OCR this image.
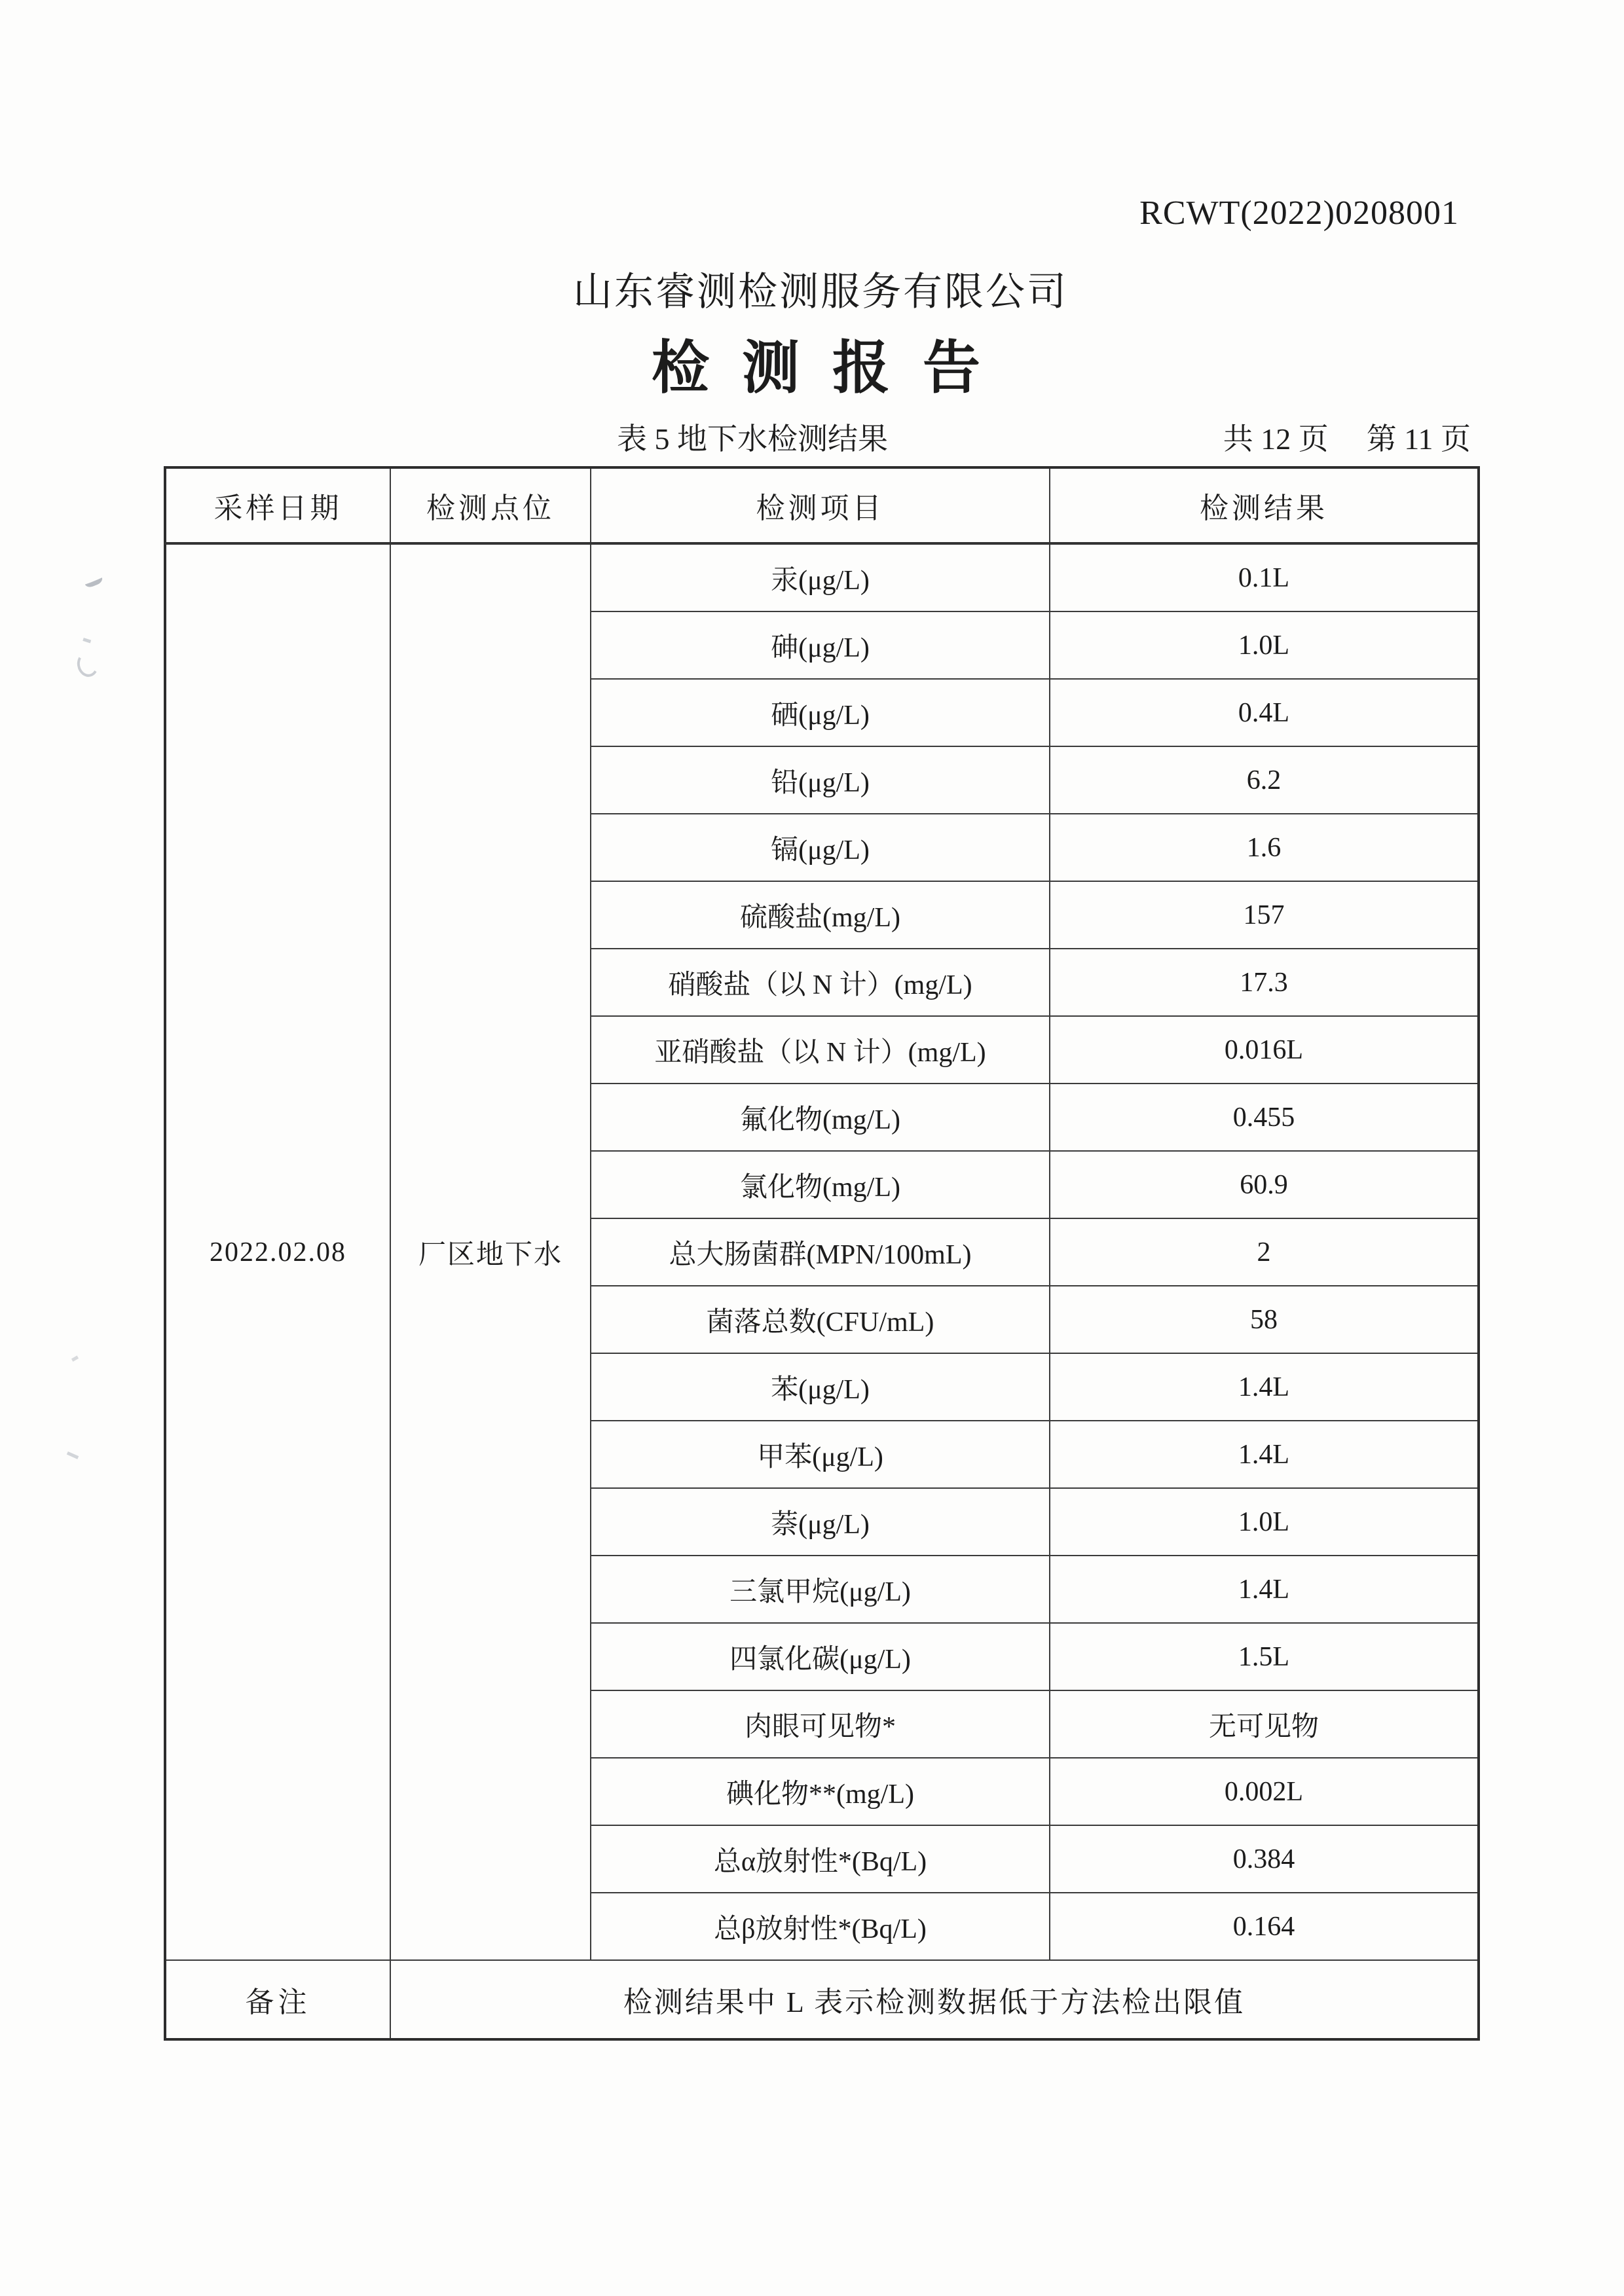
RCWT(2022)0208001
山东睿测检测服务有限公司
检 测 报 告
表 5 地下水检测结果	共 12 页 第 11 页
采样日期	检测点位	检测项目	检测结果
2022.02.08	厂区地下水	汞(μg/L)	0.1L
		砷(μg/L)	1.0L
		硒(μg/L)	0.4L
		铅(μg/L)	6.2
		镉(μg/L)	1.6
		硫酸盐(mg/L)	157
		硝酸盐（以 N 计）(mg/L)	17.3
		亚硝酸盐（以 N 计）(mg/L)	0.016L
		氟化物(mg/L)	0.455
		氯化物(mg/L)	60.9
		总大肠菌群(MPN/100mL)	2
		菌落总数(CFU/mL)	58
		苯(μg/L)	1.4L
		甲苯(μg/L)	1.4L
		萘(μg/L)	1.0L
		三氯甲烷(μg/L)	1.4L
		四氯化碳(μg/L)	1.5L
		肉眼可见物*	无可见物
		碘化物**(mg/L)	0.002L
		总α放射性*(Bq/L)	0.384
		总β放射性*(Bq/L)	0.164
备注	检测结果中 L 表示检测数据低于方法检出限值		
